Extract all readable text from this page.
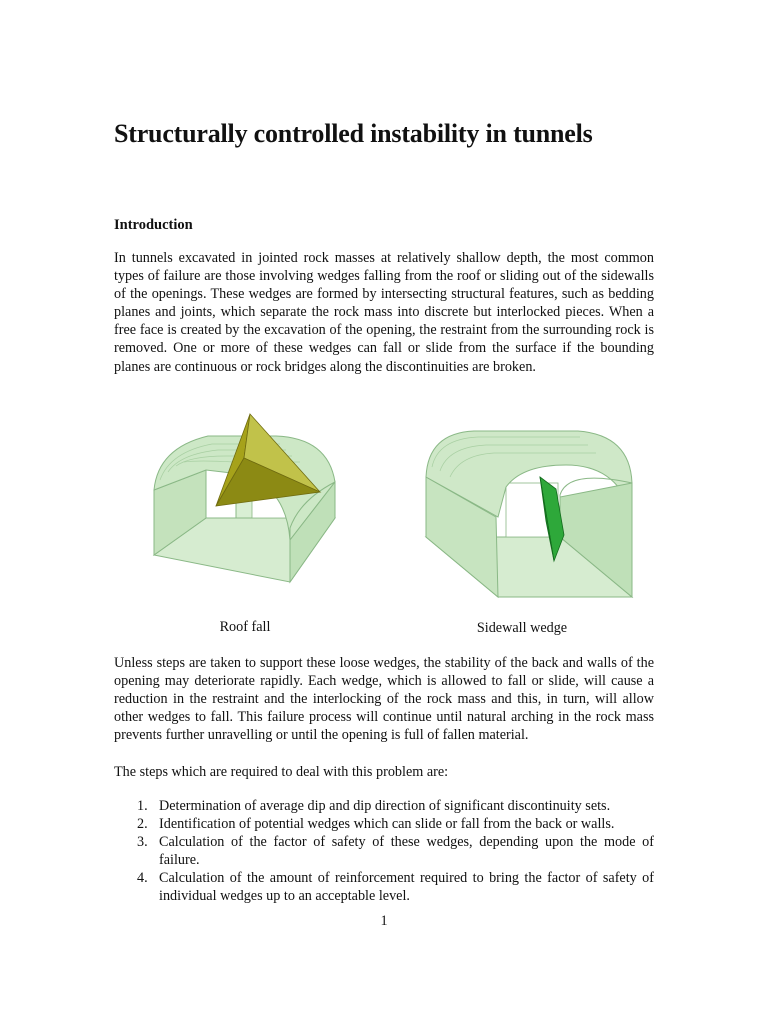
Structurally controlled instability in tunnels
Introduction

In tunnels excavated in jointed rock masses at relatively shallow depth, the most common types of failure are those involving wedges falling from the roof or sliding out of the sidewalls of the openings. These wedges are formed by intersecting structural features, such as bedding planes and joints, which separate the rock mass into discrete but interlocked pieces. When a free face is created by the excavation of the opening, the restraint from the surrounding rock is removed. One or more of these wedges can fall or slide from the surface if the bounding planes are continuous or rock bridges along the discontinuities are broken.

Roof fall	Sidewall wedge

Unless steps are taken to support these loose wedges, the stability of the back and walls of the opening may deteriorate rapidly. Each wedge, which is allowed to fall or slide, will cause a reduction in the restraint and the interlocking of the rock mass and this, in turn, will allow other wedges to fall. This failure process will continue until natural arching in the rock mass prevents further unravelling or until the opening is full of fallen material.

The steps which are required to deal with this problem are:

1. Determination of average dip and dip direction of significant discontinuity sets.
2. Identification of potential wedges which can slide or fall from the back or walls.
3. Calculation of the factor of safety of these wedges, depending upon the mode of failure.
4. Calculation of the amount of reinforcement required to bring the factor of safety of individual wedges up to an acceptable level.

1
